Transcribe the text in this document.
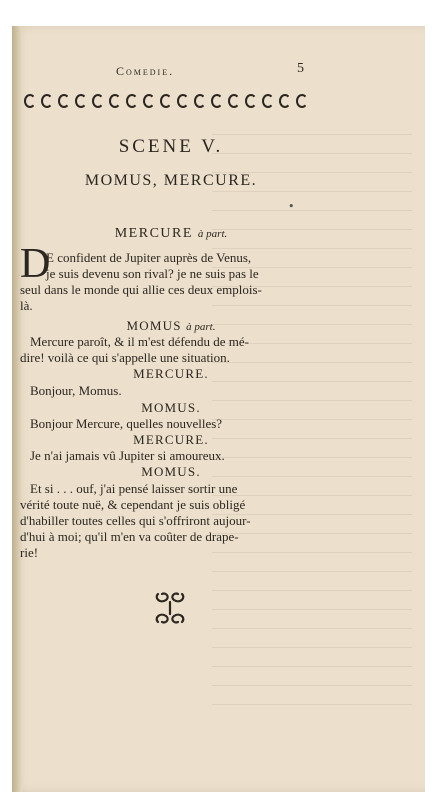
Comedie.	5
SCENE V.
MOMUS, MERCURE.
•
MERCURE à part.
D
E confident de Jupiter auprès de Venus,
je suis devenu son rival? je ne suis pas le
seul dans le monde qui allie ces deux emplois-
là.
MOMUS à part.
Mercure paroît, & il m'est défendu de mé-
dire! voilà ce qui s'appelle une situation.
MERCURE.
Bonjour, Momus.
MOMUS.
Bonjour Mercure, quelles nouvelles?
MERCURE.
Je n'ai jamais vû Jupiter si amoureux.
MOMUS.
Et si . . . ouf, j'ai pensé laisser sortir une
vérité toute nuë, & cependant je suis obligé
d'habiller toutes celles qui s'offriront aujour-
d'hui à moi; qu'il m'en va coûter de drape-
rie!
